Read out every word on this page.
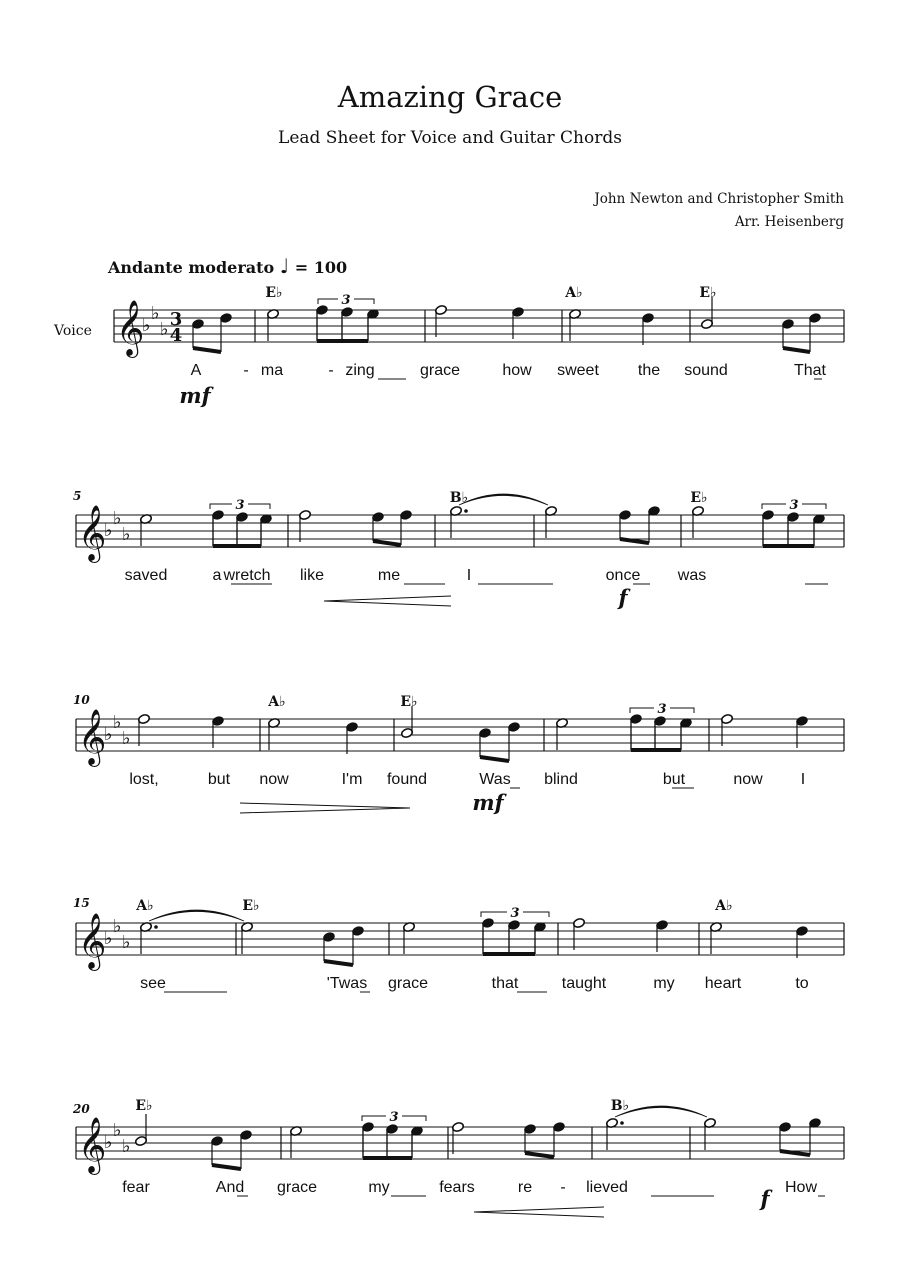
Amazing Grace
Lead Sheet for Voice and Guitar Chords
John Newton and Christopher Smith
Arr. Heisenberg
Andante moderato ♩ = 100
Voice 𝄞
♭
♭
♭ 3
4
E♭	A♭	E♭
A	- ma	- zing	grace	how sweet the sound	That
3
mf
𝄞
♭
♭
♭
5	B♭	E♭
saved	a wretch like	me	I	once was
3	3
f
𝄞
♭
♭
♭
10	A♭	E♭
lost,	but now	I'm found	Was blind	but	now I
3
mf
𝄞
♭
♭
♭
15	A♭	E♭	A♭
see	'Twas grace	that	taught	my heart	to
3
𝄞
♭
♭
♭
20	E♭	B♭
fear	And grace	my	fears	re - lieved	How
3
f
